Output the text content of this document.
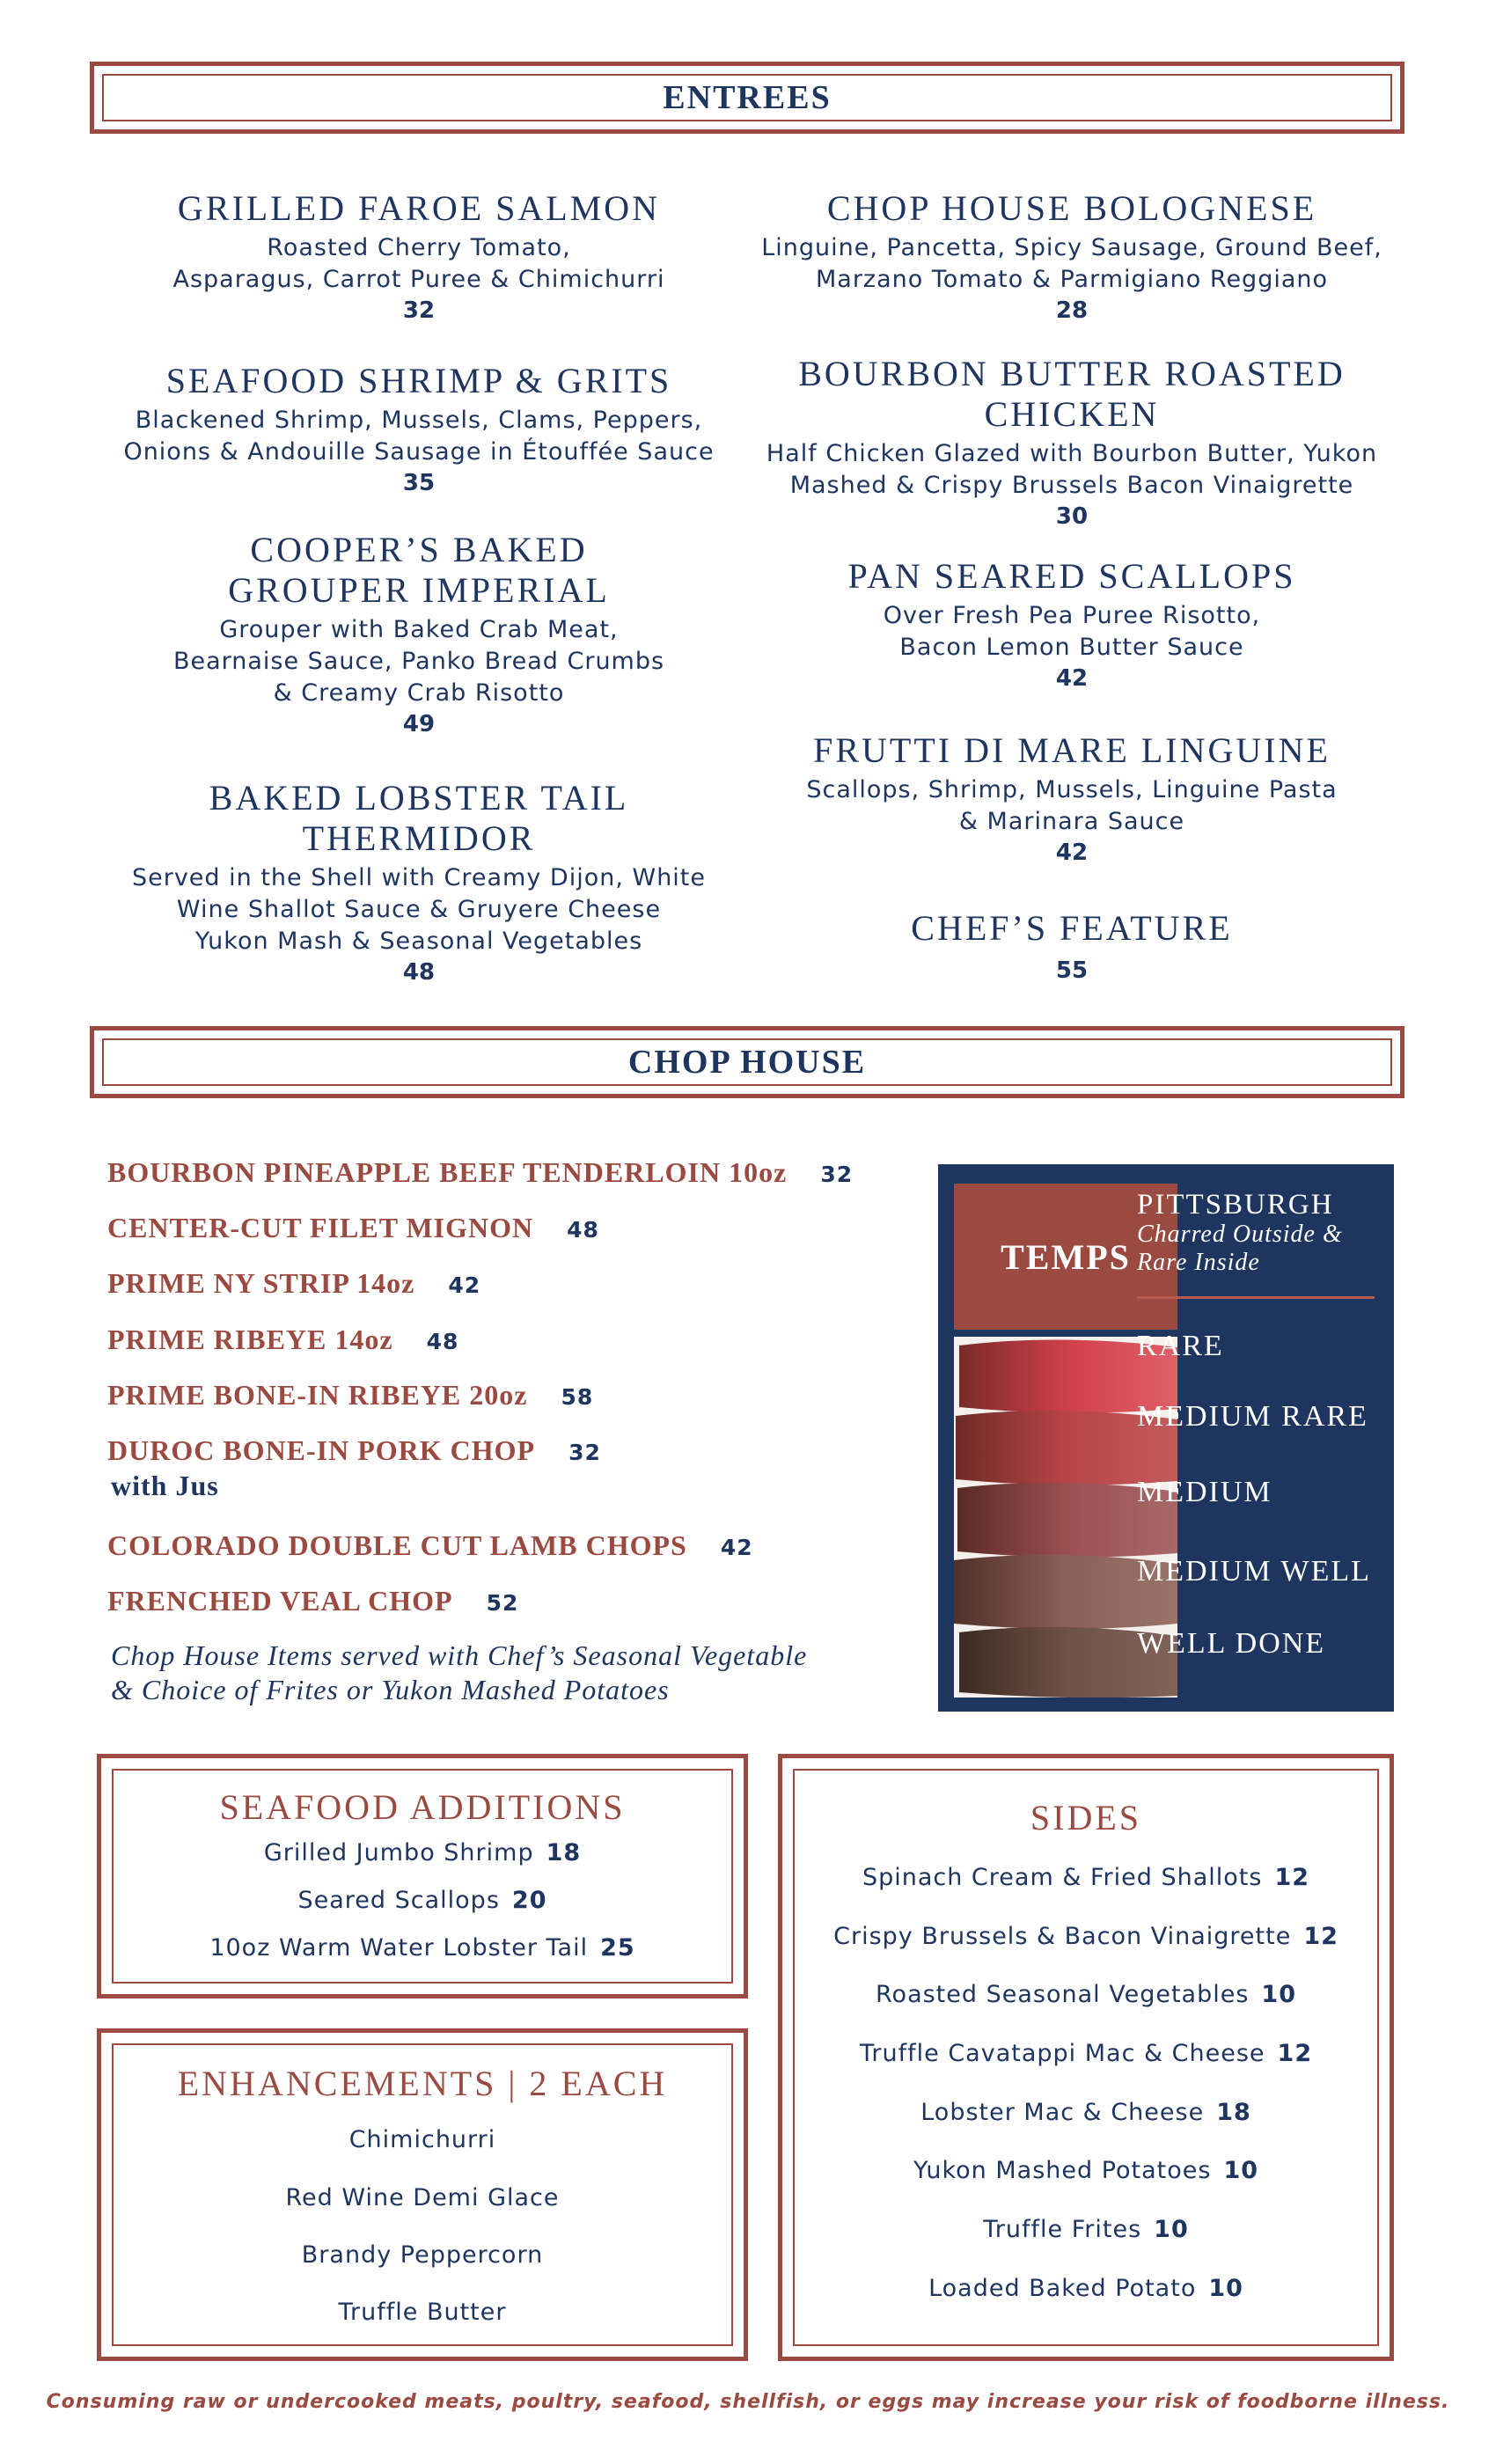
ENTREES
GRILLED FAROE SALMON
Roasted Cherry Tomato,
Asparagus, Carrot Puree & Chimichurri
32
SEAFOOD SHRIMP & GRITS
Blackened Shrimp, Mussels, Clams, Peppers,
Onions & Andouille Sausage in Étouffée Sauce
35
COOPER’S BAKED
GROUPER IMPERIAL
Grouper with Baked Crab Meat,
Bearnaise Sauce, Panko Bread Crumbs
& Creamy Crab Risotto
49
BAKED LOBSTER TAIL
THERMIDOR
Served in the Shell with Creamy Dijon, White
Wine Shallot Sauce & Gruyere Cheese
Yukon Mash & Seasonal Vegetables
48
CHOP HOUSE BOLOGNESE
Linguine, Pancetta, Spicy Sausage, Ground Beef,
Marzano Tomato & Parmigiano Reggiano
28
BOURBON BUTTER ROASTED
CHICKEN
Half Chicken Glazed with Bourbon Butter, Yukon
Mashed & Crispy Brussels Bacon Vinaigrette
30
PAN SEARED SCALLOPS
Over Fresh Pea Puree Risotto,
Bacon Lemon Butter Sauce
42
FRUTTI DI MARE LINGUINE
Scallops, Shrimp, Mussels, Linguine Pasta
& Marinara Sauce
42
CHEF’S FEATURE
55
CHOP HOUSE
BOURBON PINEAPPLE BEEF TENDERLOIN 10oz 32
CENTER-CUT FILET MIGNON 48
PRIME NY STRIP 14oz 42
PRIME RIBEYE 14oz 48
PRIME BONE-IN RIBEYE 20oz 58
DUROC BONE-IN PORK CHOP 32
with Jus
COLORADO DOUBLE CUT LAMB CHOPS 42
FRENCHED VEAL CHOP 52
Chop House Items served with Chef’s Seasonal Vegetable
& Choice of Frites or Yukon Mashed Potatoes
TEMPS
PITTSBURGH
Charred Outside &
Rare Inside
RARE
MEDIUM RARE
MEDIUM
MEDIUM WELL
WELL DONE
SEAFOOD ADDITIONS
Grilled Jumbo Shrimp 18
Seared Scallops 20
10oz Warm Water Lobster Tail 25
ENHANCEMENTS | 2 EACH
Chimichurri
Red Wine Demi Glace
Brandy Peppercorn
Truffle Butter
SIDES
Spinach Cream & Fried Shallots 12
Crispy Brussels & Bacon Vinaigrette 12
Roasted Seasonal Vegetables 10
Truffle Cavatappi Mac & Cheese 12
Lobster Mac & Cheese 18
Yukon Mashed Potatoes 10
Truffle Frites 10
Loaded Baked Potato 10
Consuming raw or undercooked meats, poultry, seafood, shellfish, or eggs may increase your risk of foodborne illness.
